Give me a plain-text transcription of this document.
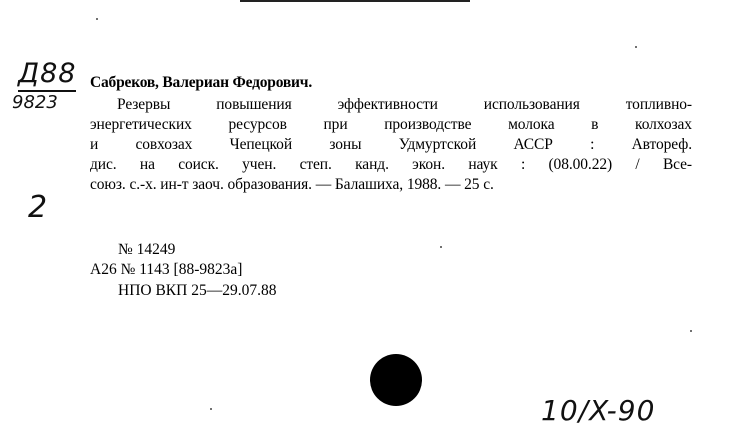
Д88
9823
2
Сабреков, Валериан Федорович.
Резервы	повышения	эффективности	использования	топливно-
энергетических ресурсов при производстве молока в колхозах
и совхозах Чепецкой зоны Удмуртской АССР : Автореф.
дис. на соиск. учен. степ. канд. экон. наук : (08.00.22) / Все-
союз. с.-х. ин-т заоч. образования. — Балашиха, 1988. — 25 с.
№ 14249
А26 № 1143 [88-9823а]
НПО ВКП 25—29.07.88
10/X-90
